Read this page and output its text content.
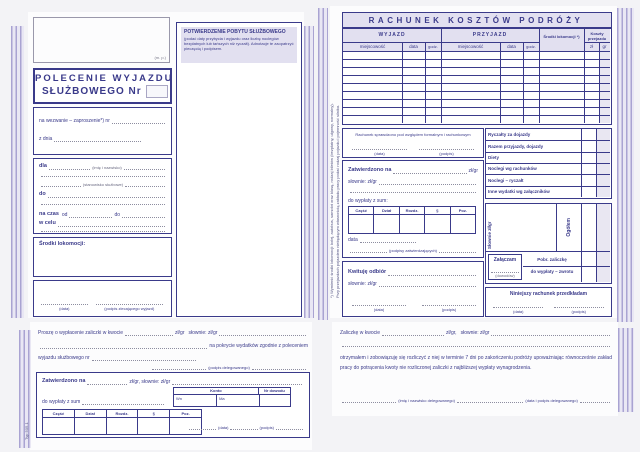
(m. p.)
POTWIERDZENIE POBYTU SŁUŻBOWEGO
(podać daty przybycia i wyjazdu oraz liczbę noclegów bezpłatnych lub tańszych niż ryczałt). Adnotacje te zaopatrzyć pieczęcią i podpisem.
POLECENIE WYJAZDU
SŁUŻBOWEGO Nr
na wezwanie – zaproszenie*) nr
z dnia
dla	(imię i nazwisko)
(stanowisko służbowe)
do
na czas od	do
w celu
Środki lokomocji:
(data)	(podpis zlecającego wyjazd)
RACHUNEK KOSZTÓW PODRÓŻY
WYJAZD	PRZYJAZD	Środki lokomocji *)
Koszty przejazdu
miejscowość	data	godz.	miejscowość	data	godz.	zł	gr
Rachunek sprawdzono pod względem formalnym i rachunkowym
(data)	(podpis)
Ryczałty za dojazdy
Razem przyjazdy, dojazdy
Diety
Noclegi wg rachunków
Noclegi – ryczałt
Inne wydatki wg załączników
Zatwierdzono na	zł/gr
słownie: zł/gr
do wypłaty z sum:
Część	Dział	Rozdz.	§	Poz.
data
(podpisy zatwierdzających)
Słownie zł/gr	Ogółem
Załączam
(dowodów)
Pobr. zaliczkę
do wypłaty – zwrotu
Niniejszy rachunek przedkładam
(data)	(podpis)
Kwituję odbiór
słownie: zł/gr
(data)	(podpis)
*) Wymienić środki lokomocji: kolej, autobus, samolot oraz klasę, rodzaj biletów (bezpłatny, ulgowy, normalny). Przy przejazdach pojazdem niebędącym własnością zakładu pracy podać rodzaj pojazdu i pojemność silnika.
Proszę o wypłacenie zaliczki w kwocie	zł/gr słownie: zł/gr
na pokrycie wydatków zgodnie z poleceniem
wyjazdu służbowego nr
(podpis delegowanego)
Zatwierdzono na	zł/gr, słownie: zł/gr
Konto	Nr dowodu
Wn	Ma
do wypłaty z sum
Część	Dział	Rozdz.	§	Poz.
(data)	(podpis)
Typ 505-1
Zaliczkę w kwocie	zł/gr, słownie: zł/gr
otrzymałem i zobowiązuję się rozliczyć z niej w terminie 7 dni po zakończeniu podróży upoważniając równocześnie zakład pracy do potrącenia kwoty nie rozliczonej zaliczki z najbliższej wypłaty wynagrodzenia.
(imię i nazwisko delegowanego)	(data i podpis delegowanego)
